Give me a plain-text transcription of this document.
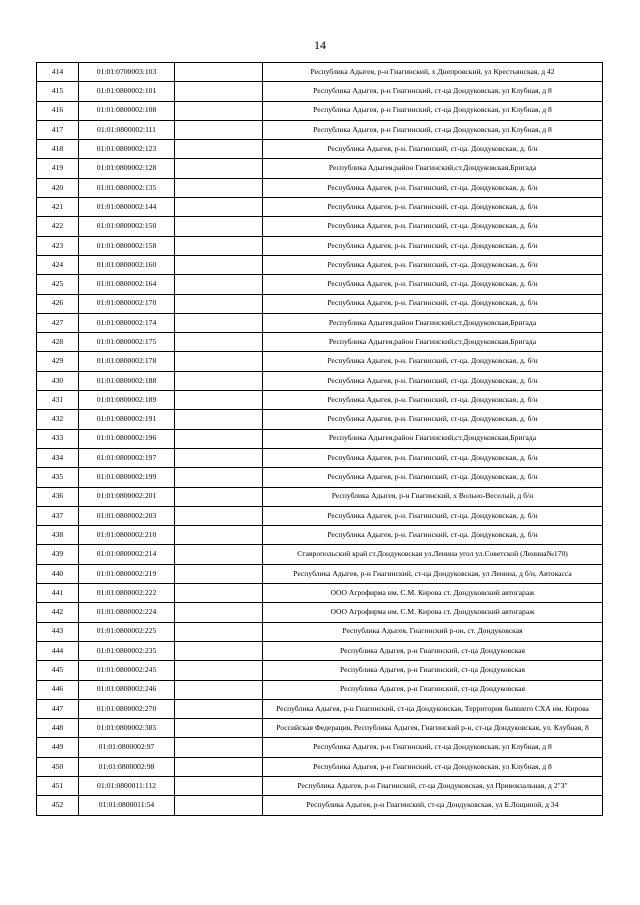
14
414	01:01:0700003:103		Республика Адыгея, р-н Гиагинский, х Днепровский, ул Крестьянская, д 42
415	01:01:0800002:101		Республика Адыгея, р-н Гиагинский, ст-ца Дондуковская, ул Клубная, д 8
416	01:01:0800002:108		Республика Адыгея, р-н Гиагинский, ст-ца Дондуковская, ул Клубная, д 8
417	01:01:0800002:111		Республика Адыгея, р-н Гиагинский, ст-ца Дондуковская, ул Клубная, д 8
418	01:01:0800002:123		Республика Адыгея, р-н. Гиагинский, ст-ца. Дондуковская, д. б/н
419	01:01:0800002:128		Республика Адыгея,район Гиагинский,ст.Дондуковская,Бригада
420	01:01:0800002:135		Республика Адыгея, р-н. Гиагинский, ст-ца. Дондуковская, д. б/н
421	01:01:0800002:144		Республика Адыгея, р-н. Гиагинский, ст-ца. Дондуковская, д. б/н
422	01:01:0800002:150		Республика Адыгея, р-н. Гиагинский, ст-ца. Дондуковская, д. б/н
423	01:01:0800002:158		Республика Адыгея, р-н. Гиагинский, ст-ца. Дондуковская, д. б/н
424	01:01:0800002:160		Республика Адыгея, р-н. Гиагинский, ст-ца. Дондуковская, д. б/н
425	01:01:0800002:164		Республика Адыгея, р-н. Гиагинский, ст-ца. Дондуковская, д. б/н
426	01:01:0800002:170		Республика Адыгея, р-н. Гиагинский, ст-ца. Дондуковская, д. б/н
427	01:01:0800002:174		Республика Адыгея,район Гиагинский,ст.Дондуковская,Бригада
428	01:01:0800002:175		Республика Адыгея,район Гиагинский,ст.Дондуковская,Бригада
429	01:01:0800002:178		Республика Адыгея, р-н. Гиагинский, ст-ца. Дондуковская, д. б/н
430	01:01:0800002:188		Республика Адыгея, р-н. Гиагинский, ст-ца. Дондуковская, д. б/н
431	01:01:0800002:189		Республика Адыгея, р-н. Гиагинский, ст-ца. Дондуковская, д. б/н
432	01:01:0800002:191		Республика Адыгея, р-н. Гиагинский, ст-ца. Дондуковская, д. б/н
433	01:01:0800002:196		Республика Адыгея,район Гиагинский,ст.Дондуковская,Бригада
434	01:01:0800002:197		Республика Адыгея, р-н. Гиагинский, ст-ца. Дондуковская, д. б/н
435	01:01:0800002:199		Республика Адыгея, р-н. Гиагинский, ст-ца. Дондуковская, д. б/н
436	01:01:0800002:201		Республика Адыгея, р-н Гиагинский, х Вольно-Веселый, д б/н
437	01:01:0800002:203		Республика Адыгея, р-н. Гиагинский, ст-ца. Дондуковская, д. б/н
438	01:01:0800002:210		Республика Адыгея, р-н. Гиагинский, ст-ца. Дондуковская, д. б/н
439	01:01:0800002:214		Ставропольский край ст.Дондуковская ул.Ленина угол ул.Советской (Ленина№170)
440	01:01:0800002:219		Республика Адыгея, р-н Гиагинский, ст-ца Дондуковская, ул Ленина, д б/н, Автокасса
441	01:01:0800002:222		ООО Агрофирма им. С.М. Кирова ст. Дондуковский автогараж
442	01:01:0800002:224		ООО Агрофирма им. С.М. Кирова ст. Дондуковский автогараж
443	01:01:0800002:225		Республика Адыгея, Гиагинский р-он, ст. Дондуковская
444	01:01:0800002:235		Республика Адыгея, р-н Гиагинский, ст-ца Дондуковская
445	01:01:0800002:245		Республика Адыгея, р-н Гиагинский, ст-ца Дондуковская
446	01:01:0800002:246		Республика Адыгея, р-н Гиагинский, ст-ца Дондуковская
447	01:01:0800002:270		Республика Адыгея, р-н Гиагинский, ст-ца Дондуковская, Территория бывшего СХА им. Кирова
448	01:01:0800002:385		Российская Федерация, Республика Адыгея, Гиагинский р-н, ст-ца Дондуковская, ул. Клубная, 8
449	01:01:0800002:97		Республика Адыгея, р-н Гиагинский, ст-ца Дондуковская, ул Клубная, д 8
450	01:01:0800002:98		Республика Адыгея, р-н Гиагинский, ст-ца Дондуковская, ул Клубная, д 8
451	01:01:0800011:112		Республика Адыгея, р-н Гиагинский, ст-ца Дондуковская, ул Привокзальная, д 2"З"
452	01:01:0800011:54		Республика Адыгея, р-н Гиагинский, ст-ца Дондуковская, ул Б.Лощиной, д 34
